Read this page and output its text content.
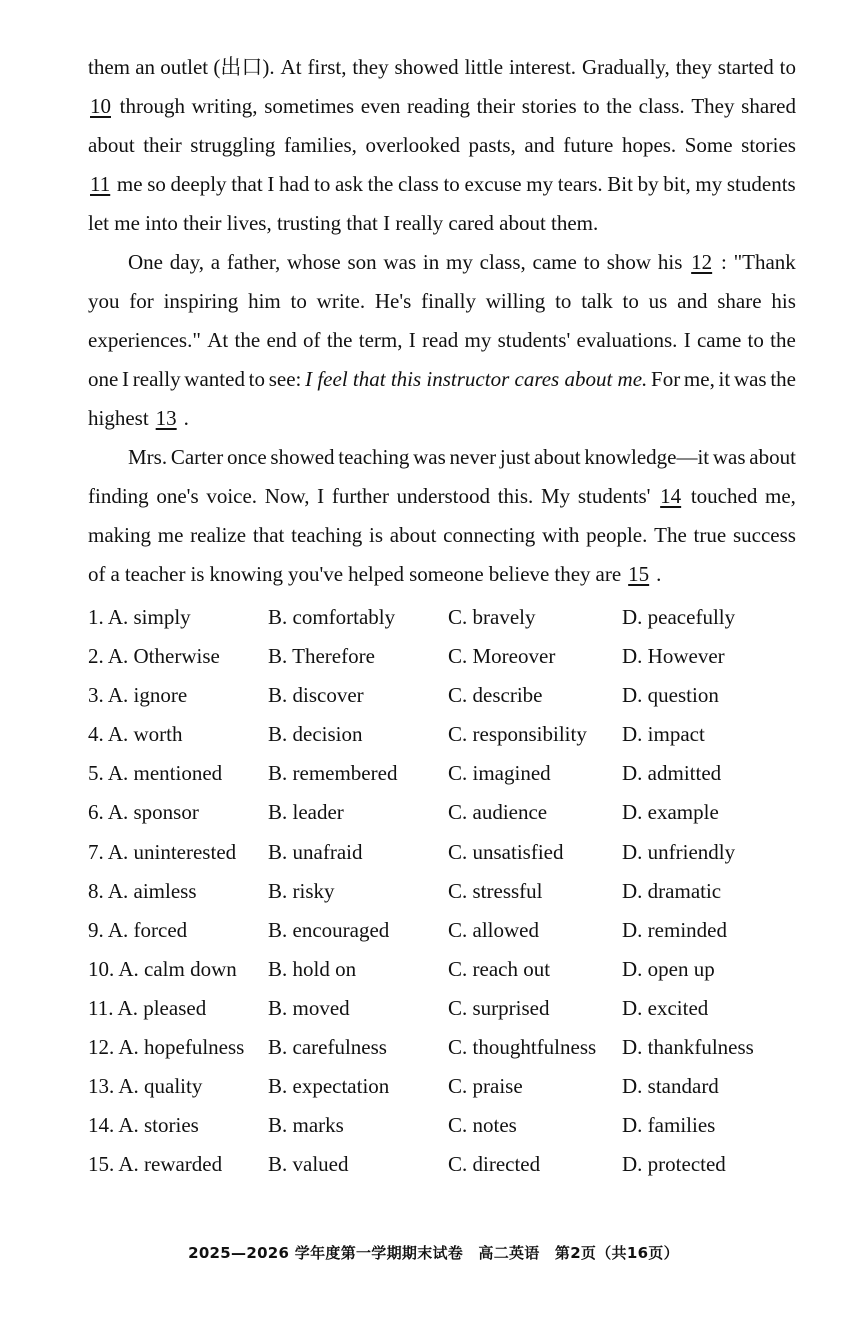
them an outlet (出口). At first, they showed little interest. Gradually, they started to
10 through writing, sometimes even reading their stories to the class. They shared
about their struggling families, overlooked pasts, and future hopes. Some stories
11 me so deeply that I had to ask the class to excuse my tears. Bit by bit, my students
let me into their lives, trusting that I really cared about them.
One day, a father, whose son was in my class, came to show his 12 : "Thank
you for inspiring him to write. He's finally willing to talk to us and share his
experiences." At the end of the term, I read my students' evaluations. I came to the
one I really wanted to see: I feel that this instructor cares about me. For me, it was the
highest 13 .
Mrs. Carter once showed teaching was never just about knowledge—it was about
finding one's voice. Now, I further understood this. My students' 14 touched me,
making me realize that teaching is about connecting with people. The true success
of a teacher is knowing you've helped someone believe they are 15 .
1. A. simply	B. comfortably	C. bravely	D. peacefully
2. A. Otherwise B. Therefore	C. Moreover	D. However
3. A. ignore	B. discover	C. describe	D. question
4. A. worth	B. decision	C. responsibility D. impact
5. A. mentioned B. remembered C. imagined	D. admitted
6. A. sponsor	B. leader	C. audience	D. example
7. A. uninterested B. unafraid	C. unsatisfied	D. unfriendly
8. A. aimless	B. risky	C. stressful	D. dramatic
9. A. forced	B. encouraged	C. allowed	D. reminded
10. A. calm down B. hold on	C. reach out	D. open up
11. A. pleased	B. moved	C. surprised	D. excited
12. A. hopefulness B. carefulness	C. thoughtfulness D. thankfulness
13. A. quality	B. expectation	C. praise	D. standard
14. A. stories	B. marks	C. notes	D. families
15. A. rewarded B. valued	C. directed	D. protected
2025—2026 学年度第一学期期末试卷　高二英语　第2页（共16页）
